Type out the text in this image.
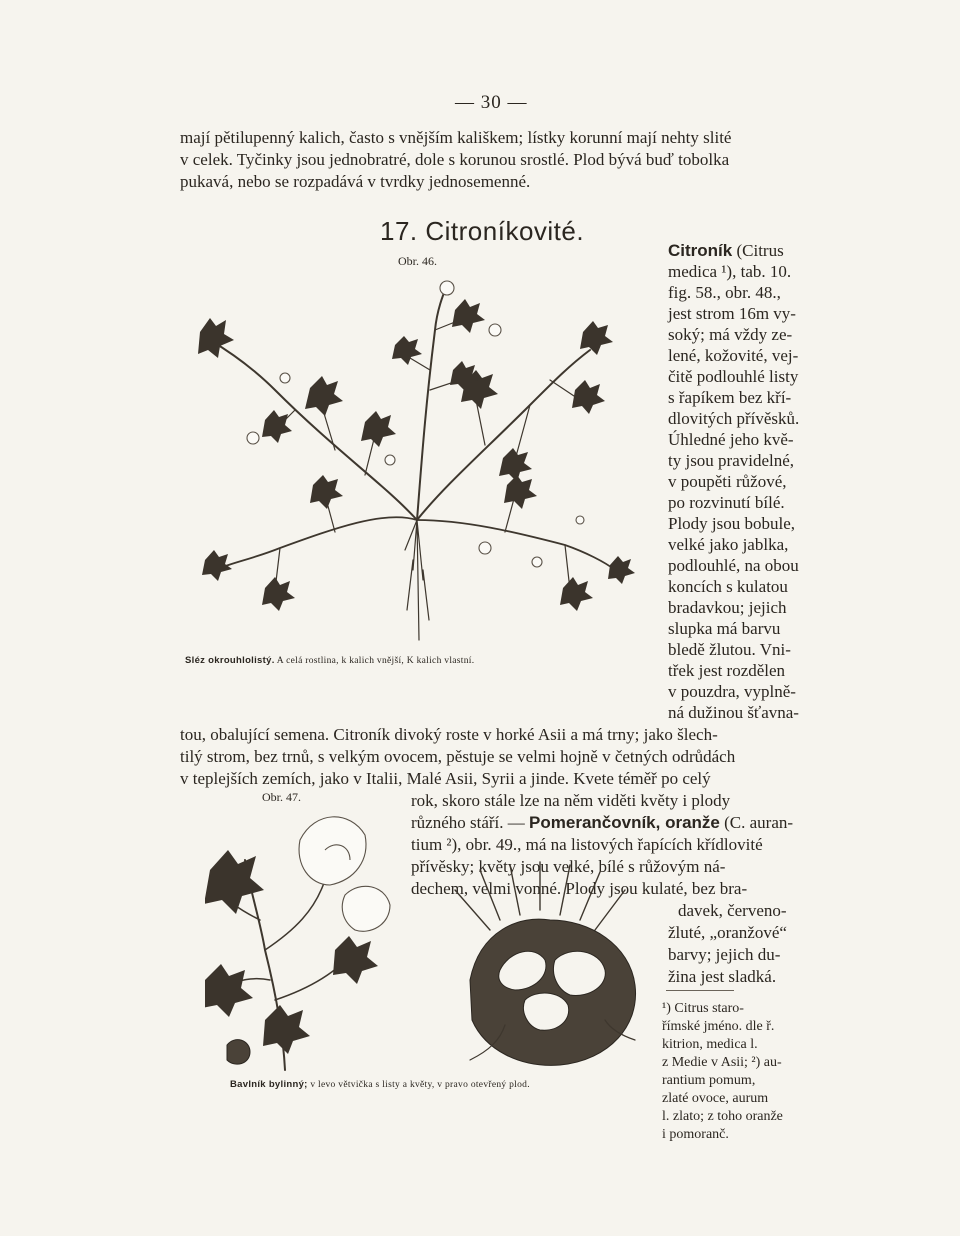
— 30 —
mají pětilupenný kalich, často s vnějším kališkem; lístky korunní mají nehty slité
v celek. Tyčinky jsou jednobratré, dole s korunou srostlé. Plod bývá buď tobolka
pukavá, nebo se rozpadává v tvrdky jednosemenné.
17. Citroníkovité.
Obr. 46.
Sléz okrouhlolistý. A celá rostlina, k kalich vnější, K kalich vlastní.
Citroník (Citrus
medica ¹), tab. 10.
fig. 58., obr. 48.,
jest strom 16m vy-
soký; má vždy ze-
lené, kožovité, vej-
čitě podlouhlé listy
s řapíkem bez kří-
dlovitých přívěsků.
Úhledné jeho kvě-
ty jsou pravidelné,
v poupěti růžové,
po rozvinutí bílé.
Plody jsou bobule,
velké jako jablka,
podlouhlé, na obou
koncích s kulatou
bradavkou; jejich
slupka má barvu
bledě žlutou. Vni-
třek jest rozdělen
v pouzdra, vyplně-
ná dužinou šťavna-
tou, obalující semena. Citroník divoký roste v horké Asii a má trny; jako šlech-
tilý strom, bez trnů, s velkým ovocem, pěstuje se velmi hojně v četných odrůdách
v teplejších zemích, jako v Italii, Malé Asii, Syrii a jinde. Kvete téměř po celý
Obr. 47.	rok, skoro stále lze na něm viděti květy i plody
různého stáří. — Pomerančovník, oranže (C. auran-
tium ²), obr. 49., má na listových řapících křídlovité
přívěsky; květy jsou velké, bílé s růžovým ná-
dechem, velmi vonné. Plody jsou kulaté, bez bra-
davek, červeno-
žluté, „oranžové“
barvy; jejich du-
žina jest sladká.
¹) Citrus staro-
římské jméno. dle ř.
kitrion, medica l.
z Medie v Asii; ²) au-
rantium pomum,
zlaté ovoce, aurum
l. zlato; z toho oranže
i pomoranč.
Bavlník bylinný; v levo větvička s listy a květy, v pravo otevřený plod.
